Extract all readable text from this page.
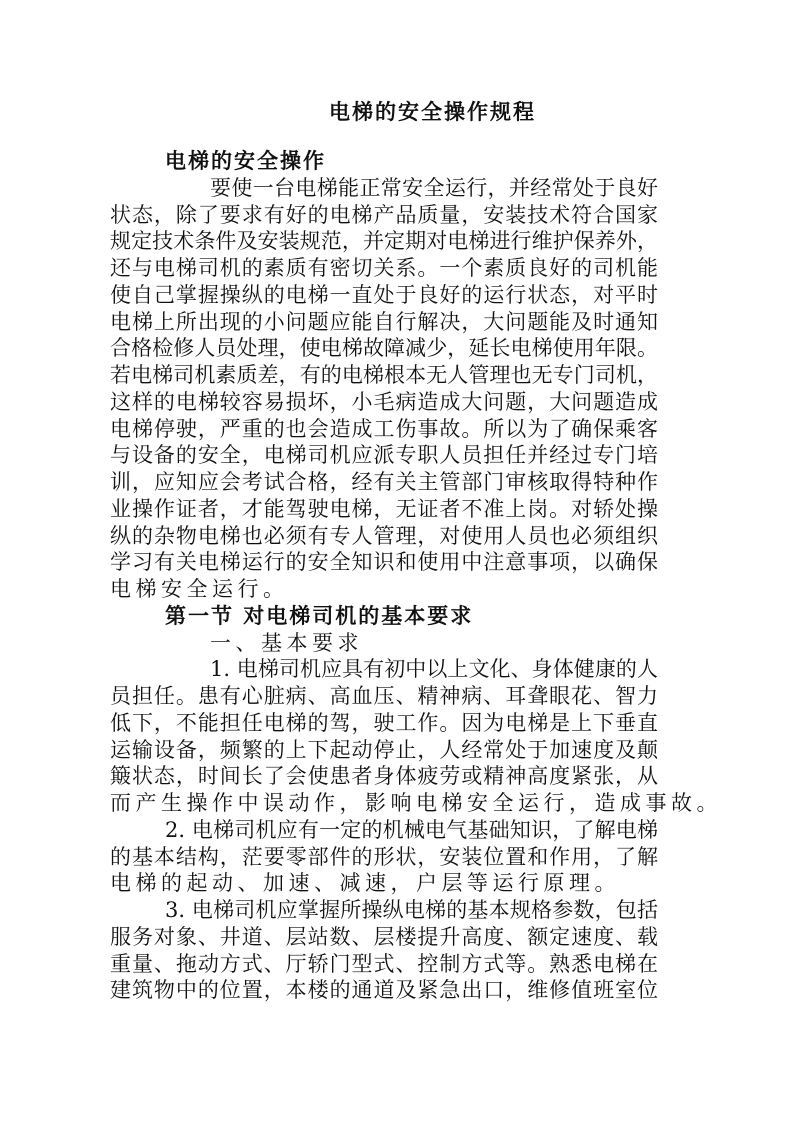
电梯的安全操作规程
电梯的安全操作
要使一台电梯能正常安全运行，并经常处于良好
状态，除了要求有好的电梯产品质量，安装技术符合国家
规定技术条件及安装规范，并定期对电梯进行维护保养外，
还与电梯司机的素质有密切关系。一个素质良好的司机能
使自己掌握操纵的电梯一直处于良好的运行状态，对平时
电梯上所出现的小问题应能自行解决，大问题能及时通知
合格检修人员处理，使电梯故障减少，延长电梯使用年限。
若电梯司机素质差，有的电梯根本无人管理也无专门司机，
这样的电梯较容易损坏，小毛病造成大问题，大问题造成
电梯停驶，严重的也会造成工伤事故。所以为了确保乘客
与设备的安全，电梯司机应派专职人员担任并经过专门培
训，应知应会考试合格，经有关主管部门审核取得特种作
业操作证者，才能驾驶电梯，无证者不准上岗。对轿处操
纵的杂物电梯也必须有专人管理，对使用人员也必须组织
学习有关电梯运行的安全知识和使用中注意事项，以确保
电梯安全运行。
第一节 对电梯司机的基本要求
一、基本要求
1. 电梯司机应具有初中以上文化、身体健康的人
员担任。患有心脏病、高血压、精神病、耳聋眼花、智力
低下，不能担任电梯的驾，驶工作。因为电梯是上下垂直
运输设备，频繁的上下起动停止，人经常处于加速度及颠
簸状态，时间长了会使患者身体疲劳或精神高度紧张，从
而产生操作中误动作，影响电梯安全运行，造成事故。
2. 电梯司机应有一定的机械电气基础知识，了解电梯
的基本结构，茫要零部件的形状，安装位置和作用，了解
电梯的起动、加速、减速，户层等运行原理。
3. 电梯司机应掌握所操纵电梯的基本规格参数，包括
服务对象、井道、层站数、层楼提升高度、额定速度、载
重量、拖动方式、厅轿门型式、控制方式等。熟悉电梯在
建筑物中的位置，本楼的通道及紧急出口，维修值班室位
